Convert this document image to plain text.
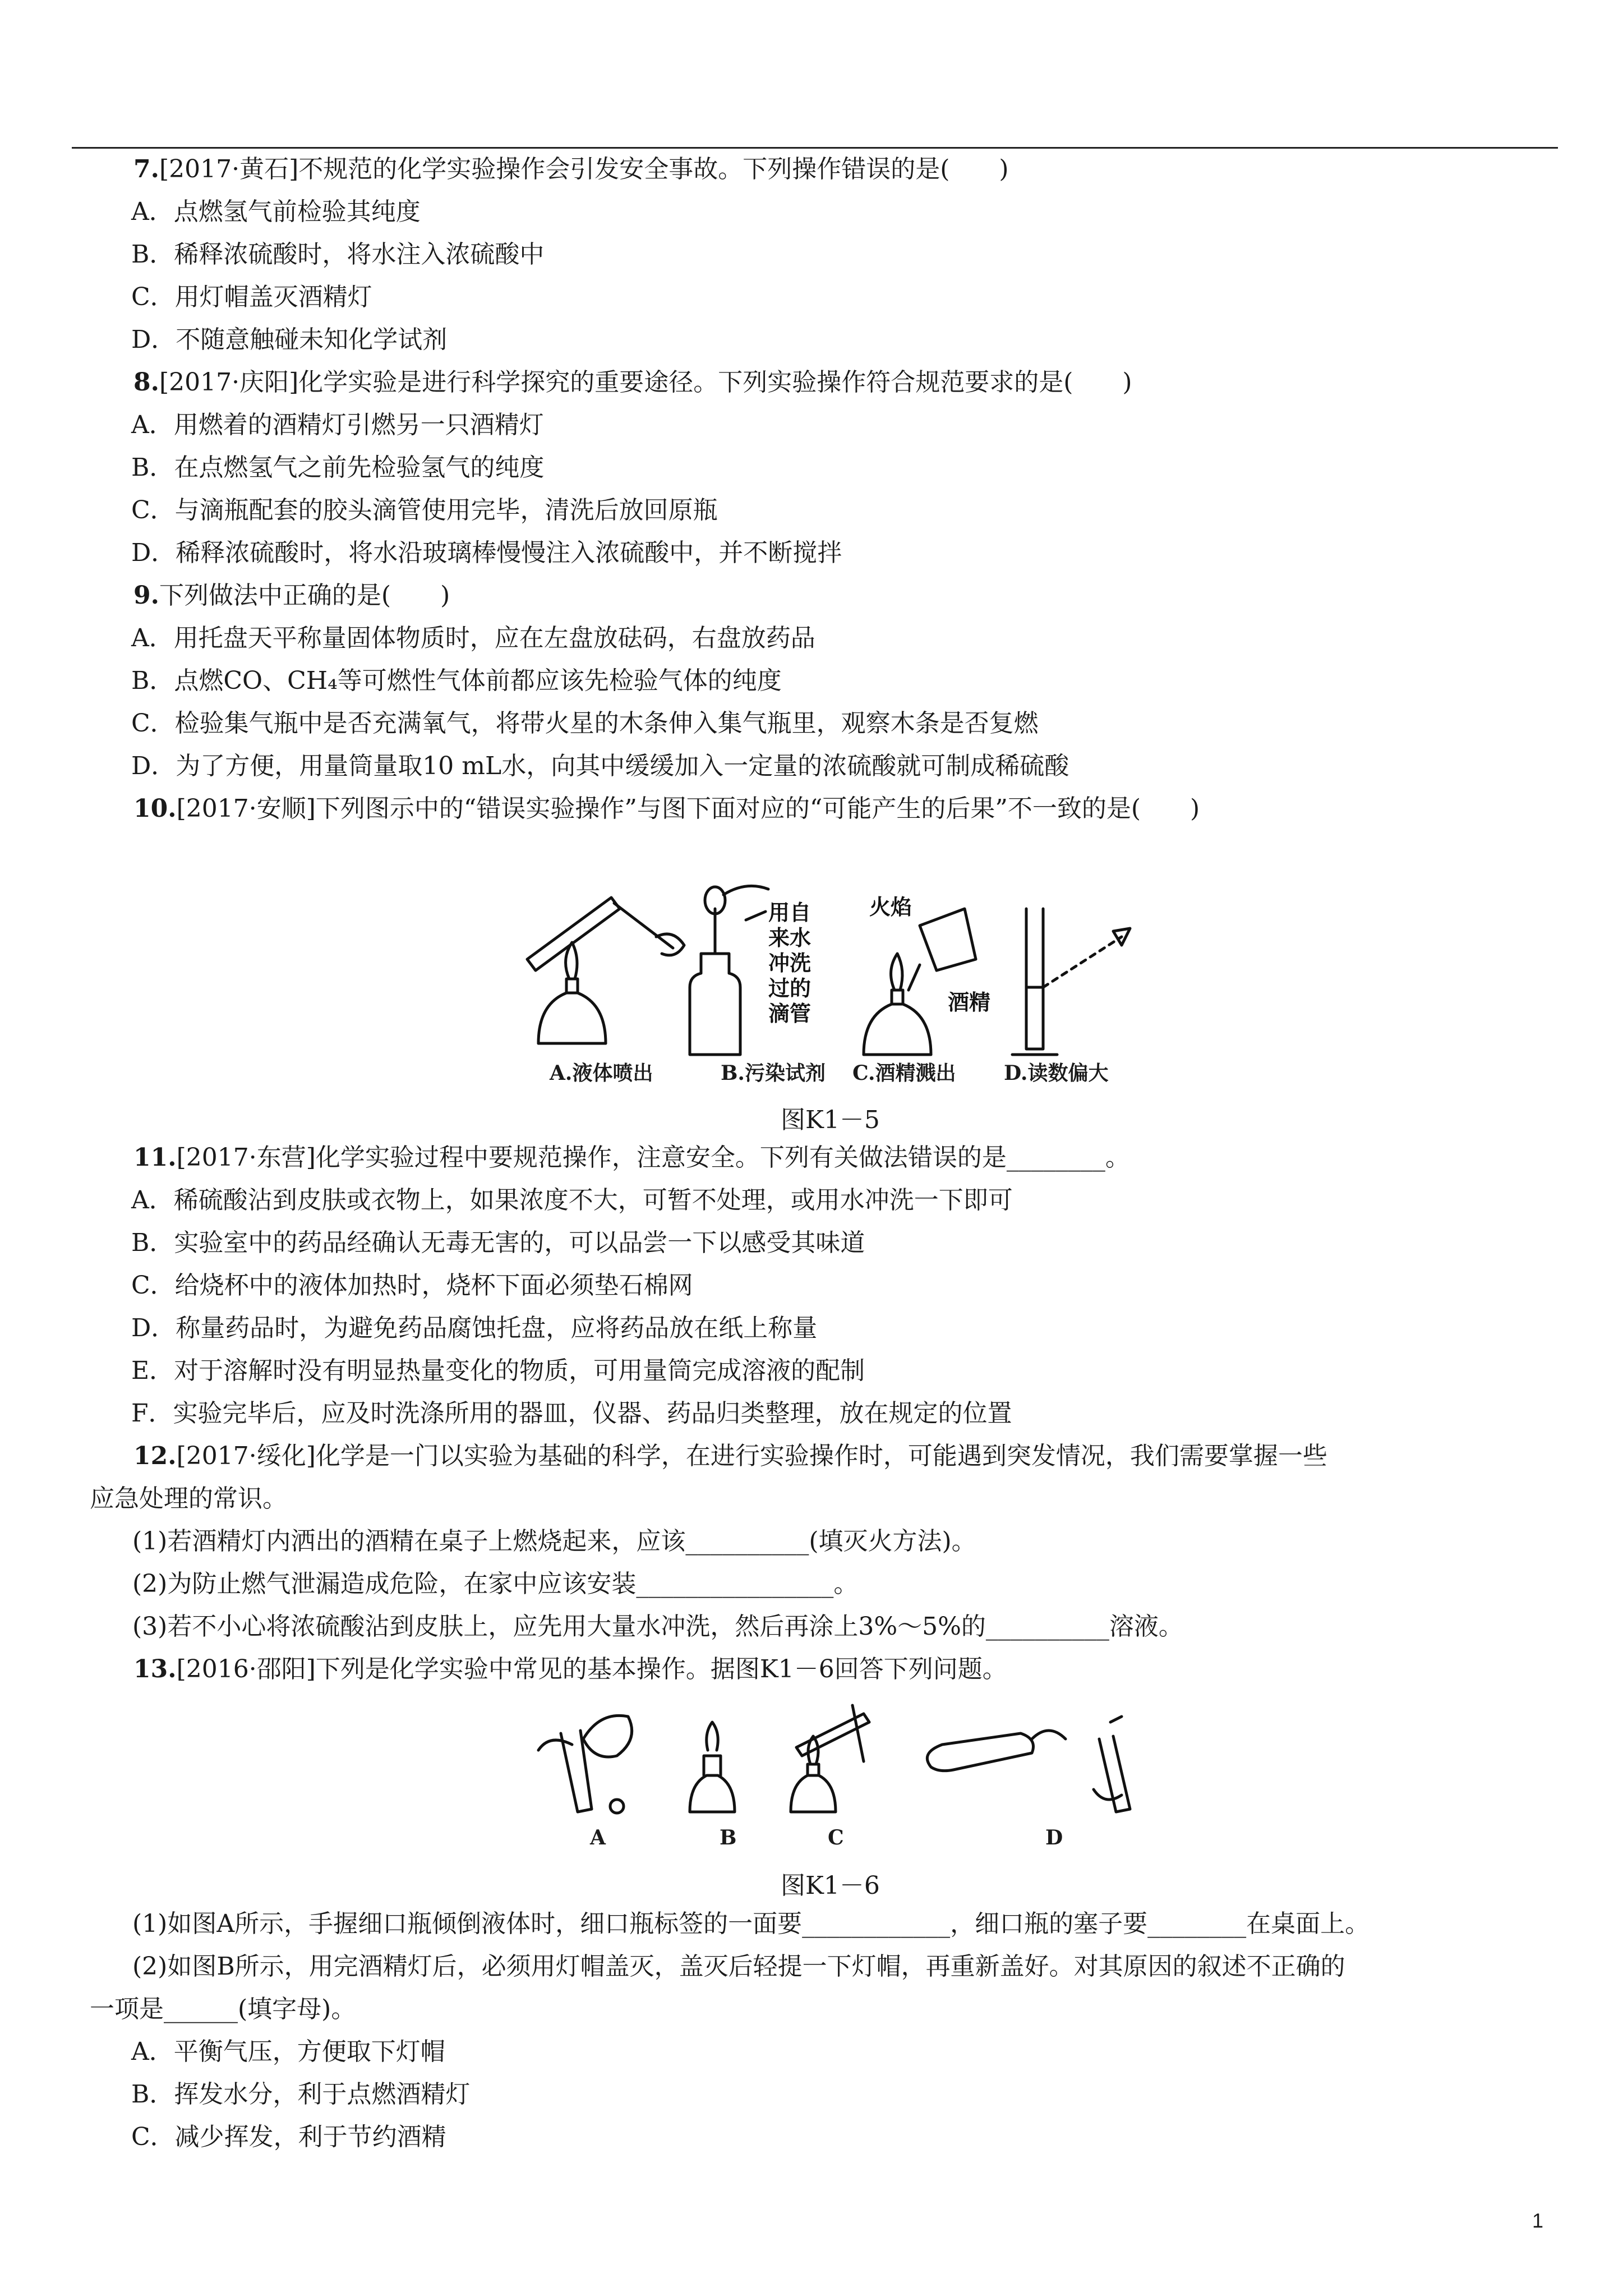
7.[2017·黄石]不规范的化学实验操作会引发安全事故。下列操作错误的是(　　)
A．点燃氢气前检验其纯度
B．稀释浓硫酸时，将水注入浓硫酸中
C．用灯帽盖灭酒精灯
D．不随意触碰未知化学试剂
8.[2017·庆阳]化学实验是进行科学探究的重要途径。下列实验操作符合规范要求的是(　　)
A．用燃着的酒精灯引燃另一只酒精灯
B．在点燃氢气之前先检验氢气的纯度
C．与滴瓶配套的胶头滴管使用完毕，清洗后放回原瓶
D．稀释浓硫酸时，将水沿玻璃棒慢慢注入浓硫酸中，并不断搅拌
9.下列做法中正确的是(　　)
A．用托盘天平称量固体物质时，应在左盘放砝码，右盘放药品
B．点燃CO、CH₄等可燃性气体前都应该先检验气体的纯度
C．检验集气瓶中是否充满氧气，将带火星的木条伸入集气瓶里，观察木条是否复燃
D．为了方便，用量筒量取10 mL水，向其中缓缓加入一定量的浓硫酸就可制成稀硫酸
10.[2017·安顺]下列图示中的“错误实验操作”与图下面对应的“可能产生的后果”不一致的是(　　)
用自
来水
冲洗
过的
滴管
火焰
酒精
A.液体喷出	B.污染试剂 C.酒精溅出 D.读数偏大
图K1－5
11.[2017·东营]化学实验过程中要规范操作，注意安全。下列有关做法错误的是________。
A．稀硫酸沾到皮肤或衣物上，如果浓度不大，可暂不处理，或用水冲洗一下即可
B．实验室中的药品经确认无毒无害的，可以品尝一下以感受其味道
C．给烧杯中的液体加热时，烧杯下面必须垫石棉网
D．称量药品时，为避免药品腐蚀托盘，应将药品放在纸上称量
E．对于溶解时没有明显热量变化的物质，可用量筒完成溶液的配制
F．实验完毕后，应及时洗涤所用的器皿，仪器、药品归类整理，放在规定的位置
12.[2017·绥化]化学是一门以实验为基础的科学，在进行实验操作时，可能遇到突发情况，我们需要掌握一些
应急处理的常识。
(1)若酒精灯内洒出的酒精在桌子上燃烧起来，应该__________(填灭火方法)。
(2)为防止燃气泄漏造成危险，在家中应该安装________________。
(3)若不小心将浓硫酸沾到皮肤上，应先用大量水冲洗，然后再涂上3%～5%的__________溶液。
13.[2016·邵阳]下列是化学实验中常见的基本操作。据图K1－6回答下列问题。
A	B	C	D
图K1－6
(1)如图A所示，手握细口瓶倾倒液体时，细口瓶标签的一面要____________，细口瓶的塞子要________在桌面上。
(2)如图B所示，用完酒精灯后，必须用灯帽盖灭，盖灭后轻提一下灯帽，再重新盖好。对其原因的叙述不正确的
一项是______(填字母)。
A．平衡气压，方便取下灯帽
B．挥发水分，利于点燃酒精灯
C．减少挥发，利于节约酒精
1
